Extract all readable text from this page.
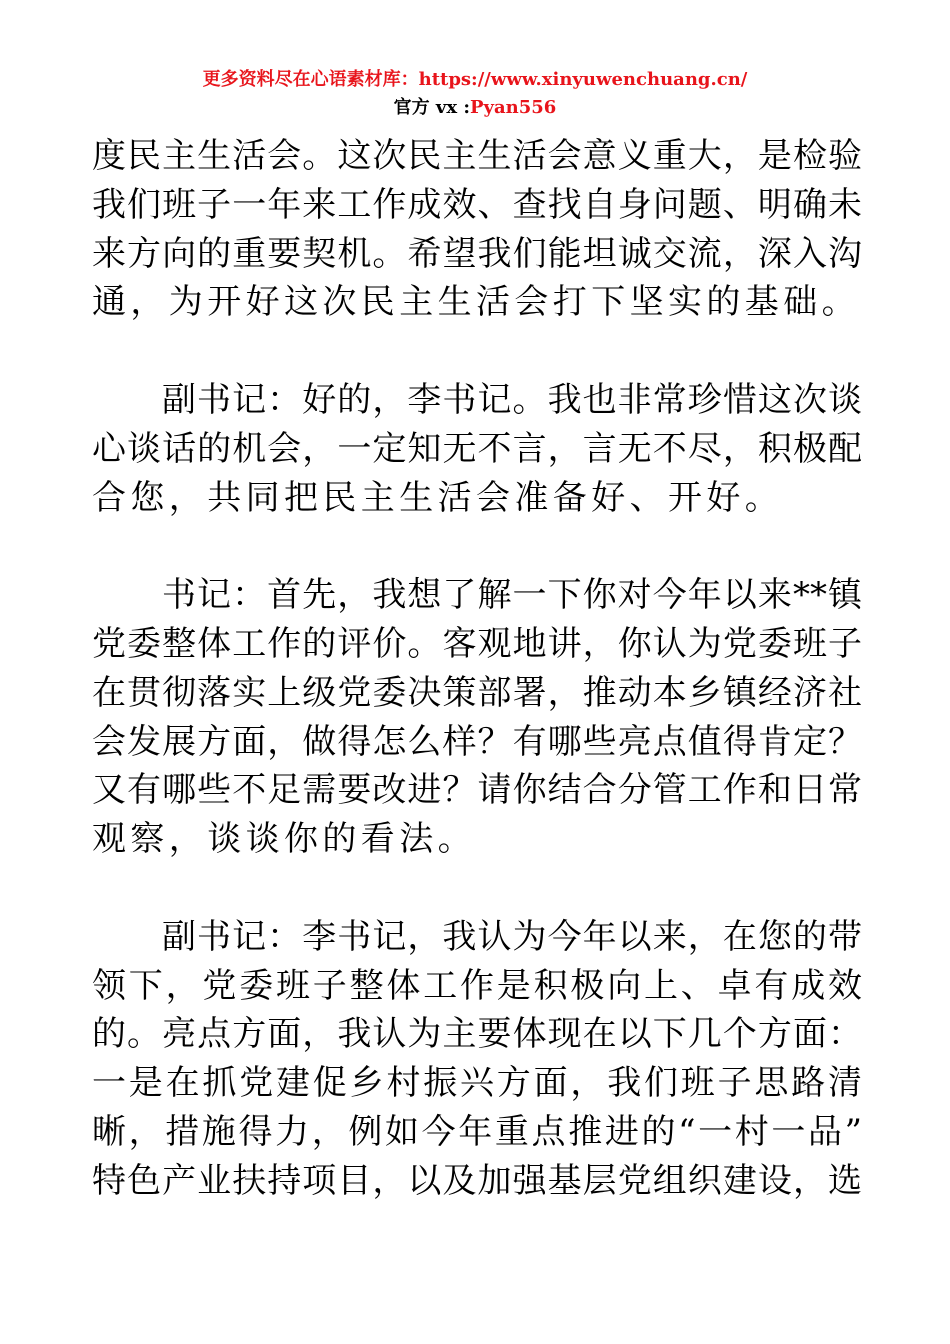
更多资料尽在心语素材库：https://www.xinyuwenchuang.cn/
官方 vx :Pyan556
度民主生活会。这次民主生活会意义重大，是检验
我们班子一年来工作成效、查找自身问题、明确未
来方向的重要契机。希望我们能坦诚交流，深入沟
通，为开好这次民主生活会打下坚实的基础。
副书记：好的，李书记。我也非常珍惜这次谈
心谈话的机会，一定知无不言，言无不尽，积极配
合您，共同把民主生活会准备好、开好。
书记：首先，我想了解一下你对今年以来**镇
党委整体工作的评价。客观地讲，你认为党委班子
在贯彻落实上级党委决策部署，推动本乡镇经济社
会发展方面，做得怎么样？有哪些亮点值得肯定？
又有哪些不足需要改进？请你结合分管工作和日常
观察，谈谈你的看法。
副书记：李书记，我认为今年以来，在您的带
领下，党委班子整体工作是积极向上、卓有成效
的。亮点方面，我认为主要体现在以下几个方面：
一是在抓党建促乡村振兴方面，我们班子思路清
晰，措施得力，例如今年重点推进的“一村一品”
特色产业扶持项目，以及加强基层党组织建设，选
